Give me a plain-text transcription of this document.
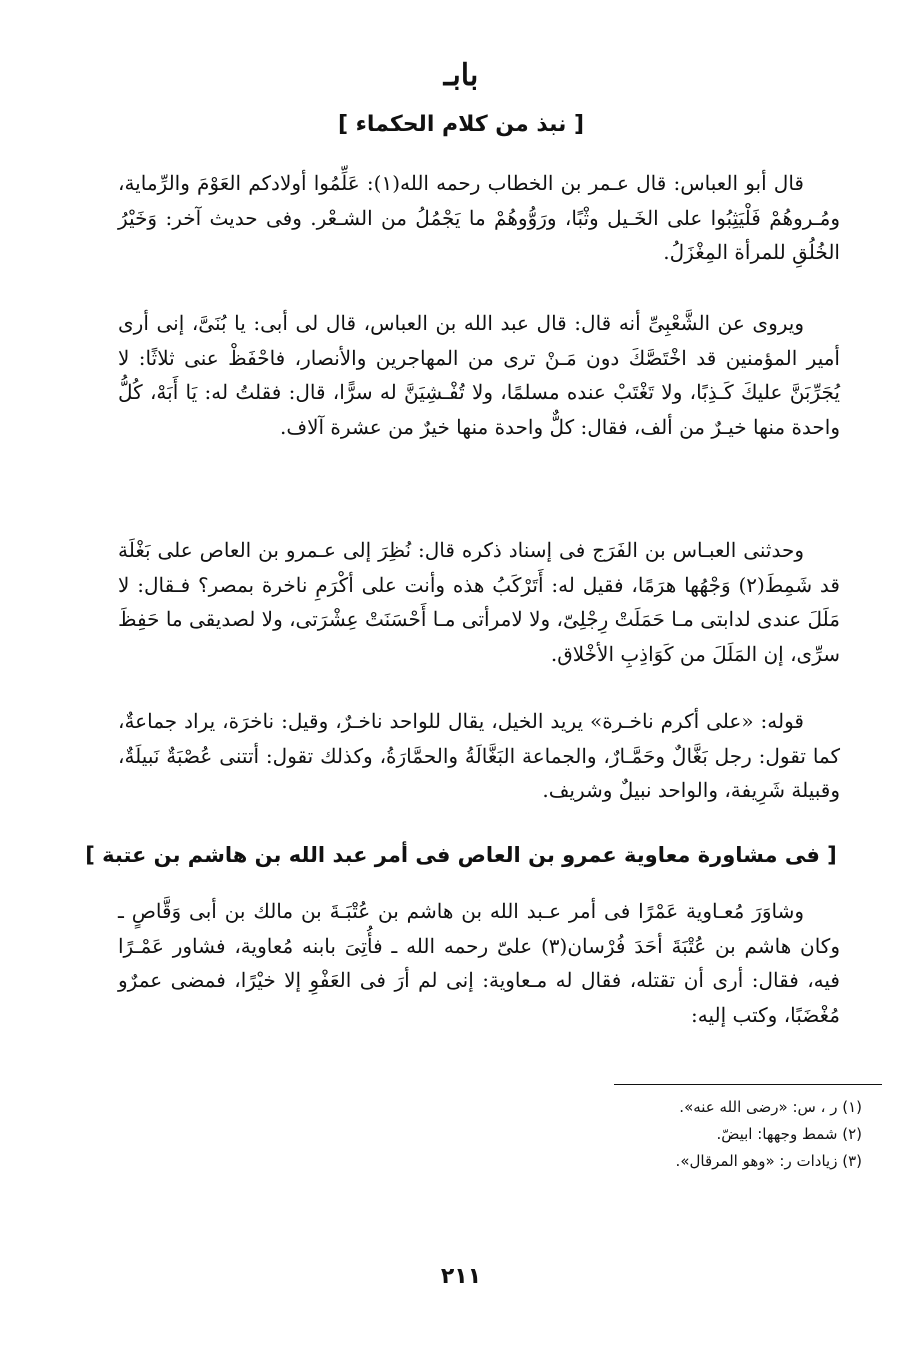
بابـ
[ نبذ من كلام الحكماء ]

قال أبو العباس: قال عـمر بن الخطاب رحمه الله(١): عَلِّمُوا أولادكم العَوْمَ والرِّماية، ومُـروهُمْ فَلْيَثِبُوا على الخَـيل وثْبًا، ورَوُّوهُمْ ما يَجْمُلُ من الشـعْر. وفى حديث آخر: وَخَيْرُ الخُلُقِ للمرأة المِغْزَلُ.

ويروى عن الشَّعْبِىِّ أنه قال: قال عبد الله بن العباس، قال لى أبى: يا بُنَىَّ، إنى أرى أمير المؤمنين قد اخْتَصَّكَ دون مَـنْ ترى من المهاجرين والأنصار، فاحْفَظْ عنى ثلاثًا: لا يُجَرِّبَنَّ عليكَ كَـذِبًا، ولا تَغْتَبْ عنده مسلمًا، ولا تُفْـشِيَنَّ له سرًّا، قال: فقلتُ له: يَا أَبَهْ، كُلُّ واحدة منها خيـرٌ من ألف، فقال: كلٌّ واحدة منها خيرٌ من عشرة آلاف.

وحدثنى العبـاس بن الفَرَج فى إسناد ذكره قال: نُظِرَ إلى عـمرو بن العاص على بَغْلَة قد شَمِطَ(٢) وَجْهُها هرَمًا، فقيل له: أَتَرْكَبُ هذه وأنت على أكْرَمِ ناخرة بمصر؟ فـقال: لا مَلَلَ عندى لدابتى مـا حَمَلَتْ رِجْلِىّ، ولا لامرأتى مـا أَحْسَنَتْ عِشْرَتى، ولا لصديقى ما حَفِظَ سرِّى، إن المَلَلَ من كَوَاذِبِ الأخْلاق.

قوله: «على أكرم ناخـرة» يريد الخيل، يقال للواحد ناخـرٌ، وقيل: ناخرَة، يراد جماعةٌ، كما تقول: رجل بَغَّالٌ وحَمَّـارٌ، والجماعة البَغَّالَةُ والحمَّارَةُ، وكذلك تقول: أتتنى عُصْبَةٌ نَبيلَةٌ، وقبيلة شَرِيفة، والواحد نبيلٌ وشريف.

[ فى مشاورة معاوية عمرو بن العاص فى أمر عبد الله بن هاشم بن عتبة ]

وشاوَرَ مُعـاوية عَمْرًا فى أمر عـبد الله بن هاشم بن عُتْبَـةَ بن مالك بن أبى وَقَّاصٍ ـ وكان هاشم بن عُتْبَةَ أحَدَ فُرْسان(٣) علىّ رحمه الله ـ فأُتِىَ بابنه مُعاوية، فشاور عَمْـرًا فيه، فقال: أرى أن تقتله، فقال له مـعاوية: إنى لم أرَ فى العَفْوِ إلا خيْرًا، فمضى عمرٌو مُغْضَبًا، وكتب إليه:

(١) ر ، س: «رضى الله عنه».
(٢) شمط وجهها: ابيضّ.
(٣) زيادات ر: «وهو المرقال».
٢١١
